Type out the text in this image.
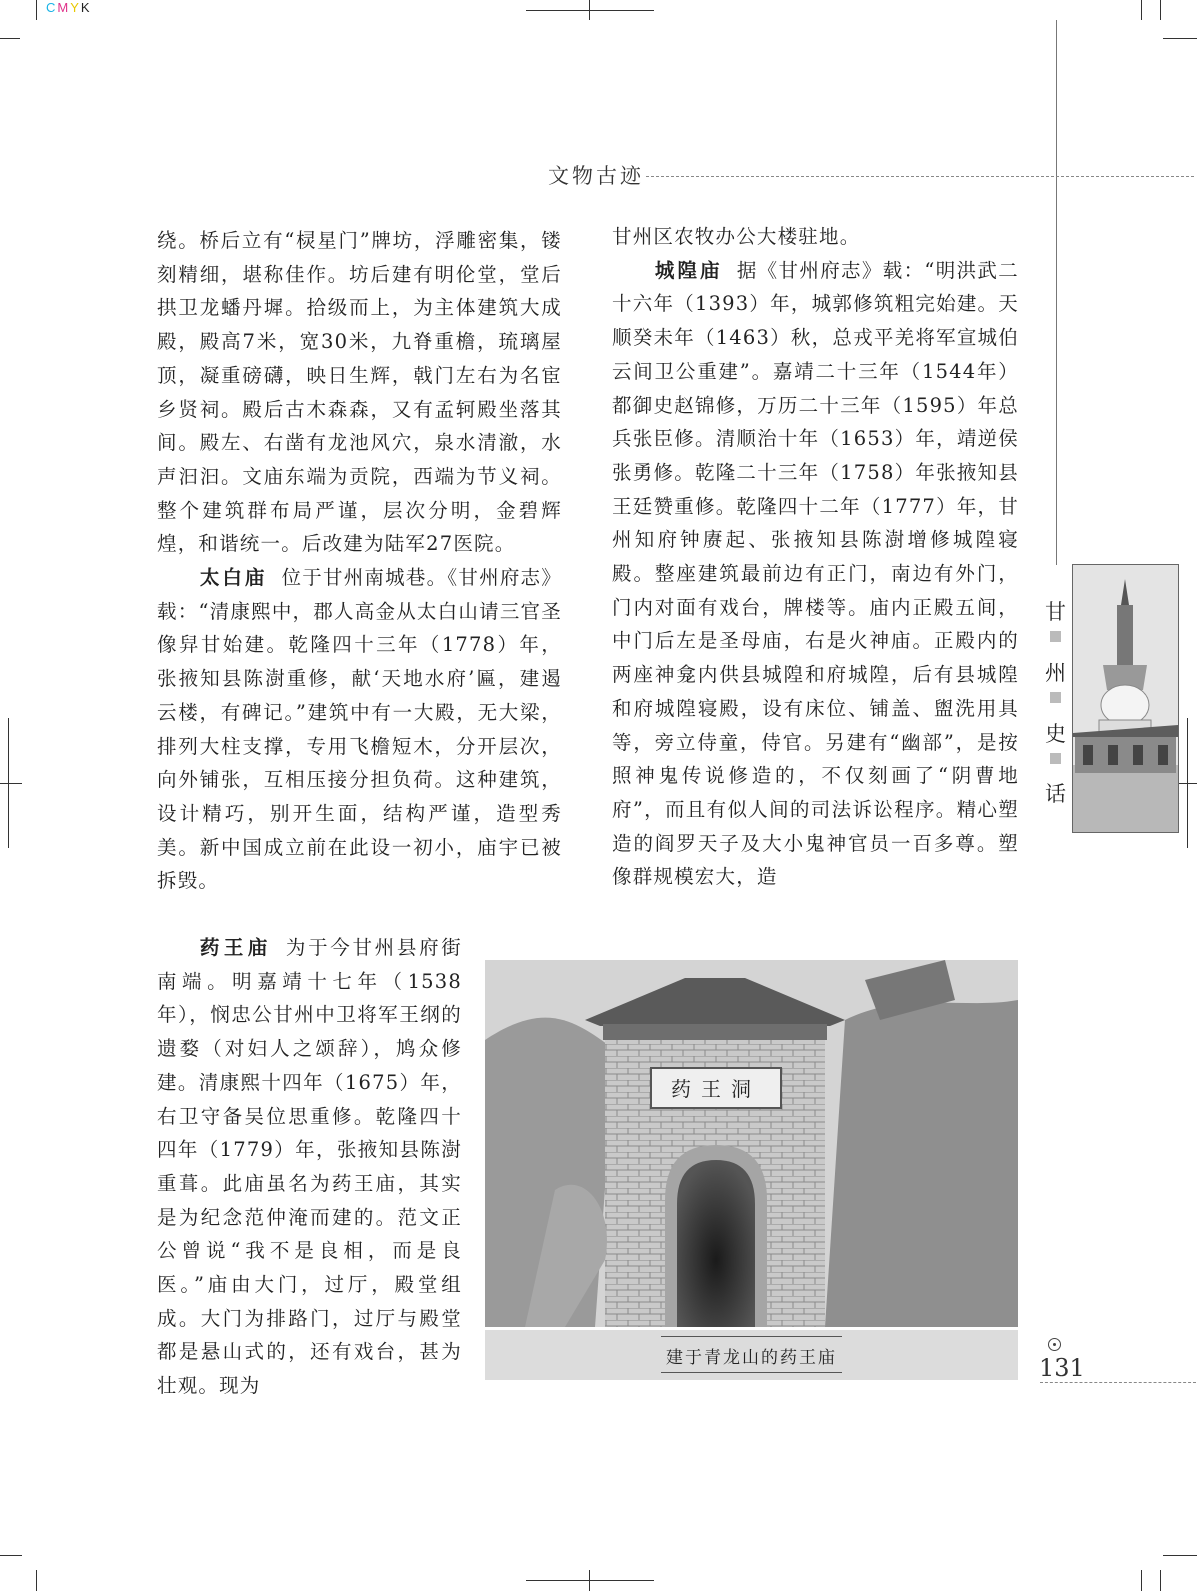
CMYK
文物古迹

绕。桥后立有“棂星门”牌坊，浮雕密集，镂刻精细，堪称佳作。坊后建有明伦堂，堂后拱卫龙蟠丹墀。拾级而上，为主体建筑大成殿，殿高7米，宽30米，九脊重檐，琉璃屋顶，凝重磅礴，映日生辉，戟门左右为名宦乡贤祠。殿后古木森森，又有孟轲殿坐落其间。殿左、右凿有龙池风穴，泉水清澈，水声汩汩。文庙东端为贡院，西端为节义祠。整个建筑群布局严谨，层次分明，金碧辉煌，和谐统一。后改建为陆军27医院。

太白庙 位于甘州南城巷。《甘州府志》载：“清康熙中，郡人高金从太白山请三官圣像舁甘始建。乾隆四十三年（1778）年，张掖知县陈澍重修，献‘天地水府’匾，建遏云楼，有碑记。”建筑中有一大殿，无大梁，排列大柱支撑，专用飞檐短木，分开层次，向外铺张，互相压接分担负荷。这种建筑，设计精巧，别开生面，结构严谨，造型秀美。新中国成立前在此设一初小，庙宇已被拆毁。

药王庙 为于今甘州县府街南端。明嘉靖十七年（1538年），悯忠公甘州中卫将军王纲的遗婺（对妇人之颂辞），鸠众修建。清康熙十四年（1675）年，右卫守备吴位思重修。乾隆四十四年（1779）年，张掖知县陈澍重葺。此庙虽名为药王庙，其实是为纪念范仲淹而建的。范文正公曾说“我不是良相，而是良医。”庙由大门，过厅，殿堂组成。大门为排路门，过厅与殿堂都是悬山式的，还有戏台，甚为壮观。现为

甘州区农牧办公大楼驻地。

城隍庙 据《甘州府志》载：“明洪武二十六年（1393）年，城郭修筑粗完始建。天顺癸未年（1463）秋，总戎平羌将军宣城伯云间卫公重建”。嘉靖二十三年（1544年）都御史赵锦修，万历二十三年（1595）年总兵张臣修。清顺治十年（1653）年，靖逆侯张勇修。乾隆二十三年（1758）年张掖知县王廷赞重修。乾隆四十二年（1777）年，甘州知府钟赓起、张掖知县陈澍增修城隍寝殿。整座建筑最前边有正门，南边有外门，门内对面有戏台，牌楼等。庙内正殿五间，中门后左是圣母庙，右是火神庙。正殿内的两座神龛内供县城隍和府城隍，后有县城隍和府城隍寝殿，设有床位、铺盖、盥洗用具等，旁立侍童，侍官。另建有“幽部”，是按照神鬼传说修造的，不仅刻画了“阴曹地府”，而且有似人间的司法诉讼程序。精心塑造的阎罗天子及大小鬼神官员一百多尊。塑像群规模宏大，造

药王洞
建于青龙山的药王庙
甘
州
史
话
131
